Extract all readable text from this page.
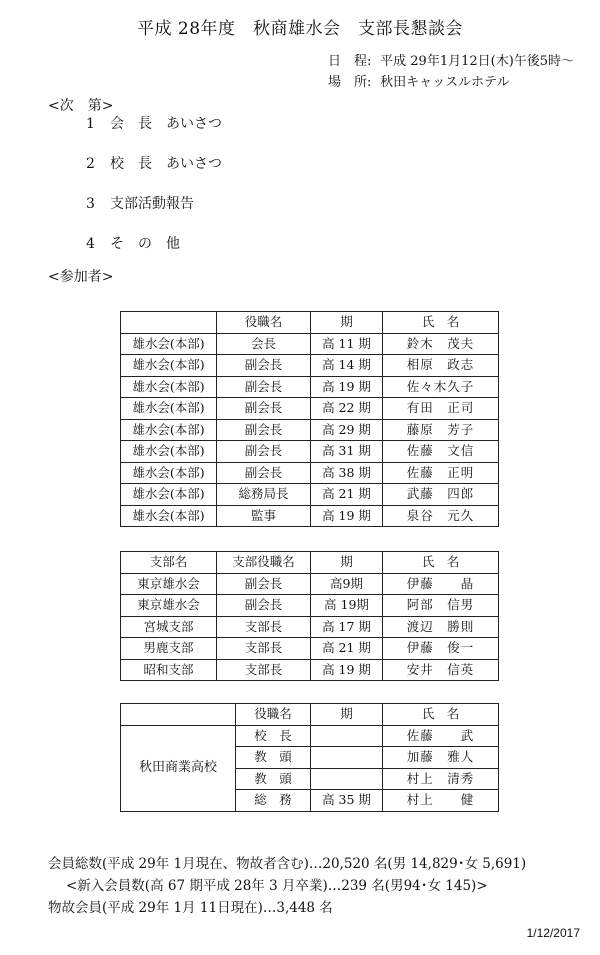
平成 28年度　秋商雄水会　支部長懇談会
日　程: 平成 29年1月12日(木)午後5時～
場　所: 秋田キャッスルホテル
<次　第>
1 会　長　あいさつ
2 校　長　あいさつ
3 支部活動報告
4 そ　の　他
<参加者>
	役職名	期	氏　名
雄水会(本部)	会長	高 11 期	鈴木　茂夫
雄水会(本部)	副会長	高 14 期	相原　政志
雄水会(本部)	副会長	高 19 期	佐々木久子
雄水会(本部)	副会長	高 22 期	有田　正司
雄水会(本部)	副会長	高 29 期	藤原　芳子
雄水会(本部)	副会長	高 31 期	佐藤　文信
雄水会(本部)	副会長	高 38 期	佐藤　正明
雄水会(本部)	総務局長	高 21 期	武藤　四郎
雄水会(本部)	監事	高 19 期	泉谷　元久
支部名	支部役職名	期	氏　名
東京雄水会	副会長	高9期	伊藤　　晶
東京雄水会	副会長	高 19期	阿部　信男
宮城支部	支部長	高 17 期	渡辺　勝則
男鹿支部	支部長	高 21 期	伊藤　俊一
昭和支部	支部長	高 19 期	安井　信英
	役職名	期	氏　名
秋田商業高校	校　長		佐藤　　武
	教　頭		加藤　雅人
	教　頭		村上　清秀
	総　務	高 35 期	村上　　健
会員総数(平成 29年 1月現在、物故者含む)…20,520 名(男 14,829･女 5,691)
<新入会員数(高 67 期平成 28年 3 月卒業)…239 名(男94･女 145)>
物故会員(平成 29年 1月 11日現在)…3,448 名
1/12/2017
